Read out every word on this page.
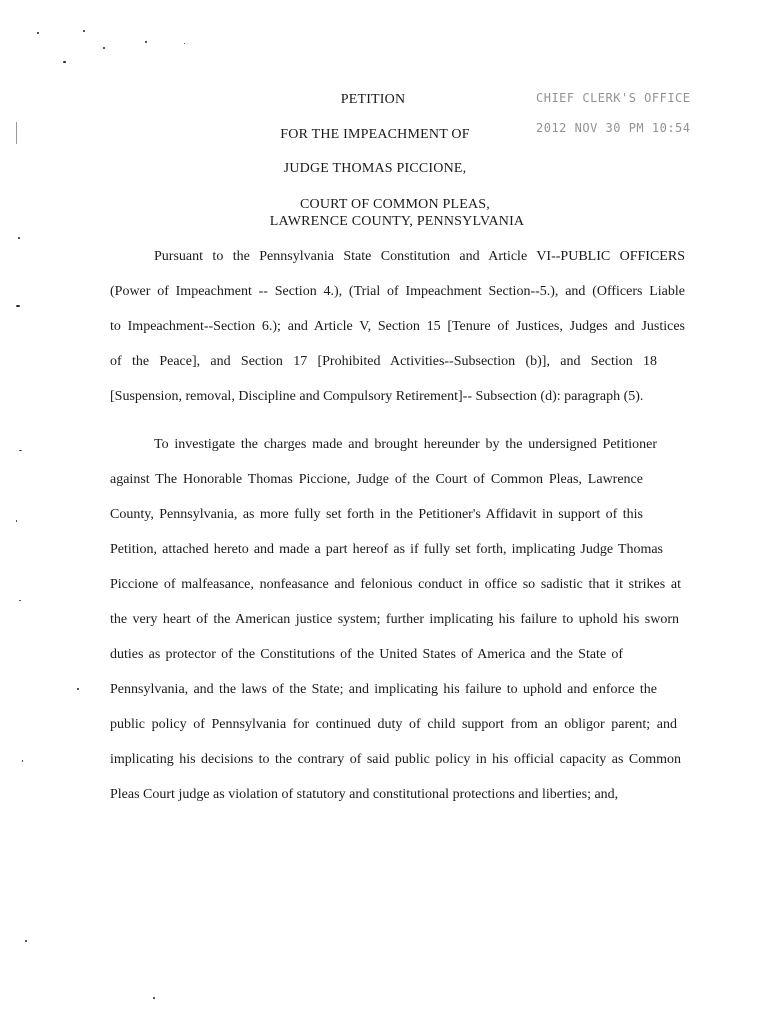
CHIEF CLERK'S OFFICE
2012 NOV 30 PM 10:54
PETITION
FOR THE IMPEACHMENT OF
JUDGE THOMAS PICCIONE,
COURT OF COMMON PLEAS,
LAWRENCE COUNTY, PENNSYLVANIA
Pursuant to the Pennsylvania State Constitution and Article VI--PUBLIC OFFICERS
(Power of Impeachment -- Section 4.), (Trial of Impeachment Section--5.), and (Officers Liable
to Impeachment--Section 6.); and Article V, Section 15 [Tenure of Justices, Judges and Justices
of the Peace], and Section 17 [Prohibited Activities--Subsection (b)], and Section 18
[Suspension, removal, Discipline and Compulsory Retirement]-- Subsection (d): paragraph (5).
To investigate the charges made and brought hereunder by the undersigned Petitioner
against The Honorable Thomas Piccione, Judge of the Court of Common Pleas, Lawrence
County, Pennsylvania, as more fully set forth in the Petitioner's Affidavit in support of this
Petition, attached hereto and made a part hereof as if fully set forth, implicating Judge Thomas
Piccione of malfeasance, nonfeasance and felonious conduct in office so sadistic that it strikes at
the very heart of the American justice system; further implicating his failure to uphold his sworn
duties as protector of the Constitutions of the United States of America and the State of
Pennsylvania, and the laws of the State; and implicating his failure to uphold and enforce the
public policy of Pennsylvania for continued duty of child support from an obligor parent; and
implicating his decisions to the contrary of said public policy in his official capacity as Common
Pleas Court judge as violation of statutory and constitutional protections and liberties; and,
